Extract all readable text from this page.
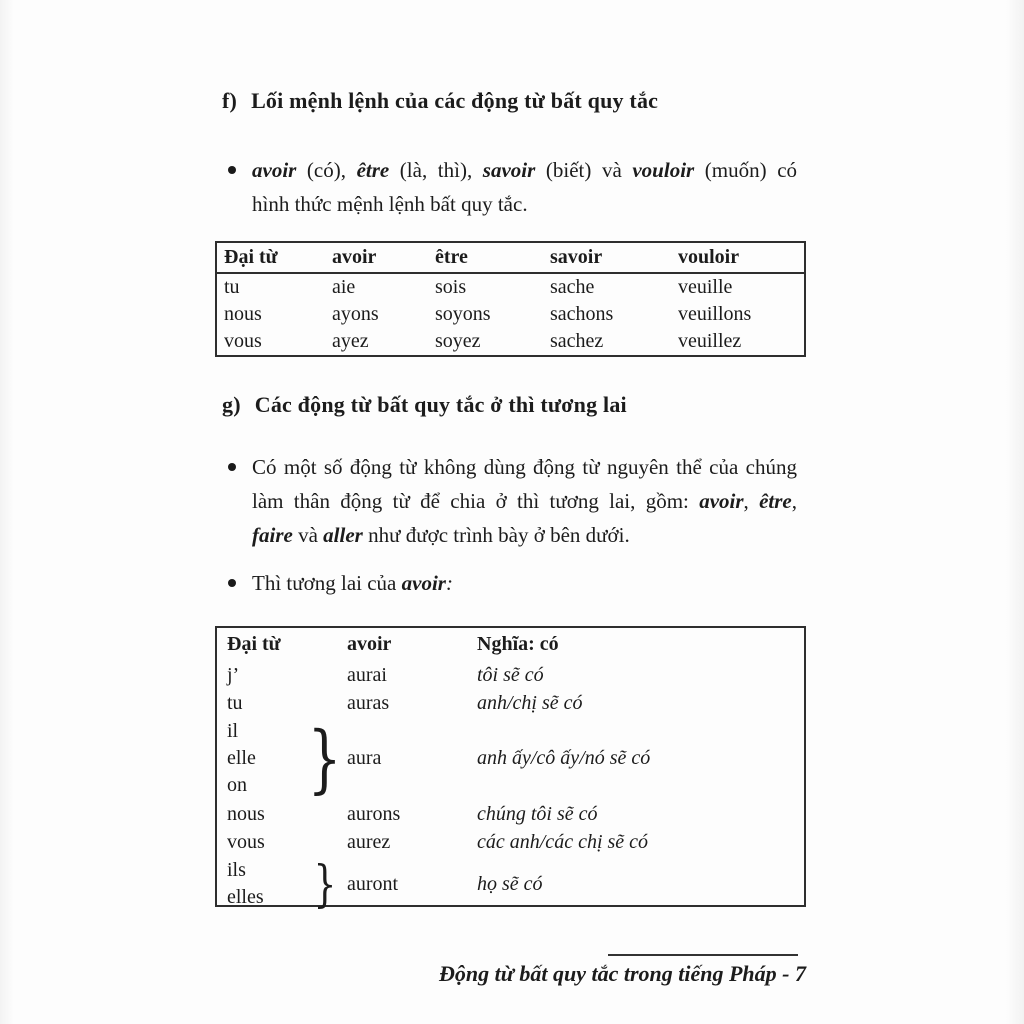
f) Lối mệnh lệnh của các động từ bất quy tắc
avoir (có), être (là, thì), savoir (biết) và vouloir (muốn) có
hình thức mệnh lệnh bất quy tắc.
Đại từ	avoir	être	savoir	vouloir
tu	aie	sois	sache	veuille
nous	ayons	soyons	sachons	veuillons
vous	ayez	soyez	sachez	veuillez
g) Các động từ bất quy tắc ở thì tương lai
Có một số động từ không dùng động từ nguyên thể của chúng
làm thân động từ để chia ở thì tương lai, gồm: avoir, être,
faire và aller như được trình bày ở bên dưới.
Thì tương lai của avoir:
Đại từ	avoir	Nghĩa: có
j’	aurai	tôi sẽ có
tu	auras	anh/chị sẽ có
il
elle
on } aura	anh ấy/cô ấy/nó sẽ có
nous	aurons	chúng tôi sẽ có
vous	aurez	các anh/các chị sẽ có
ils
elles } auront	họ sẽ có
Động từ bất quy tắc trong tiếng Pháp - 7
